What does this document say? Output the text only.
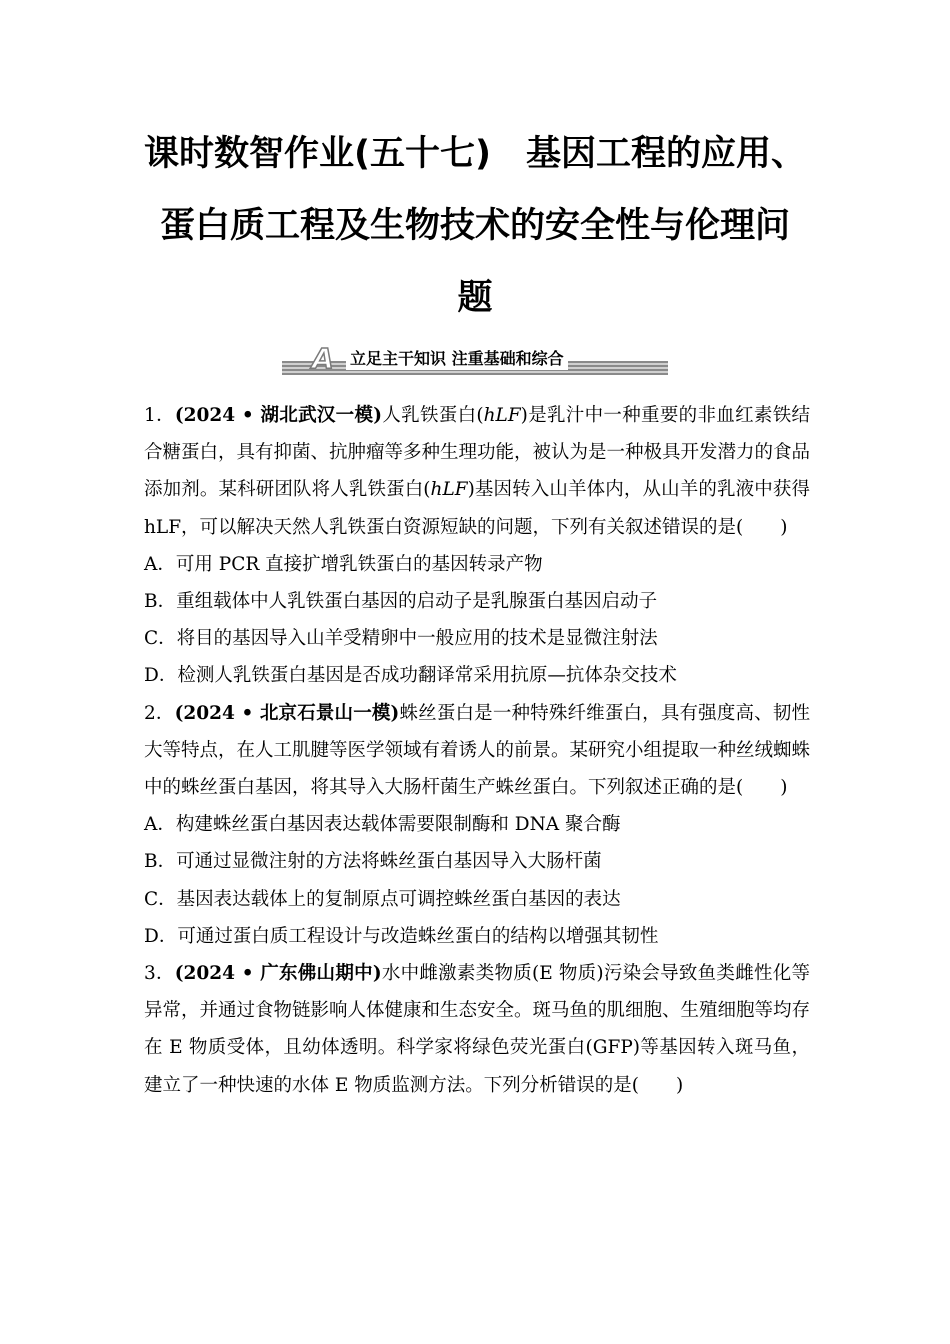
课时数智作业(五十七)　基因工程的应用、
蛋白质工程及生物技术的安全性与伦理问
题
A 立足主干知识 注重基础和综合
1．(2024 • 湖北武汉一模)人乳铁蛋白(hLF)是乳汁中一种重要的非血红素铁结合糖蛋白，具有抑菌、抗肿瘤等多种生理功能，被认为是一种极具开发潜力的食品添加剂。某科研团队将人乳铁蛋白(hLF)基因转入山羊体内，从山羊的乳液中获得 hLF，可以解决天然人乳铁蛋白资源短缺的问题，下列有关叙述错误的是(　　)
A．可用 PCR 直接扩增乳铁蛋白的基因转录产物
B．重组载体中人乳铁蛋白基因的启动子是乳腺蛋白基因启动子
C．将目的基因导入山羊受精卵中一般应用的技术是显微注射法
D．检测人乳铁蛋白基因是否成功翻译常采用抗原—抗体杂交技术
2．(2024 • 北京石景山一模)蛛丝蛋白是一种特殊纤维蛋白，具有强度高、韧性大等特点，在人工肌腱等医学领域有着诱人的前景。某研究小组提取一种丝绒蜘蛛中的蛛丝蛋白基因，将其导入大肠杆菌生产蛛丝蛋白。下列叙述正确的是(　　)
A．构建蛛丝蛋白基因表达载体需要限制酶和 DNA 聚合酶
B．可通过显微注射的方法将蛛丝蛋白基因导入大肠杆菌
C．基因表达载体上的复制原点可调控蛛丝蛋白基因的表达
D．可通过蛋白质工程设计与改造蛛丝蛋白的结构以增强其韧性
3．(2024 • 广东佛山期中)水中雌激素类物质(E 物质)污染会导致鱼类雌性化等异常，并通过食物链影响人体健康和生态安全。斑马鱼的肌细胞、生殖细胞等均存在 E 物质受体，且幼体透明。科学家将绿色荧光蛋白(GFP)等基因转入斑马鱼，建立了一种快速的水体 E 物质监测方法。下列分析错误的是(　　)
